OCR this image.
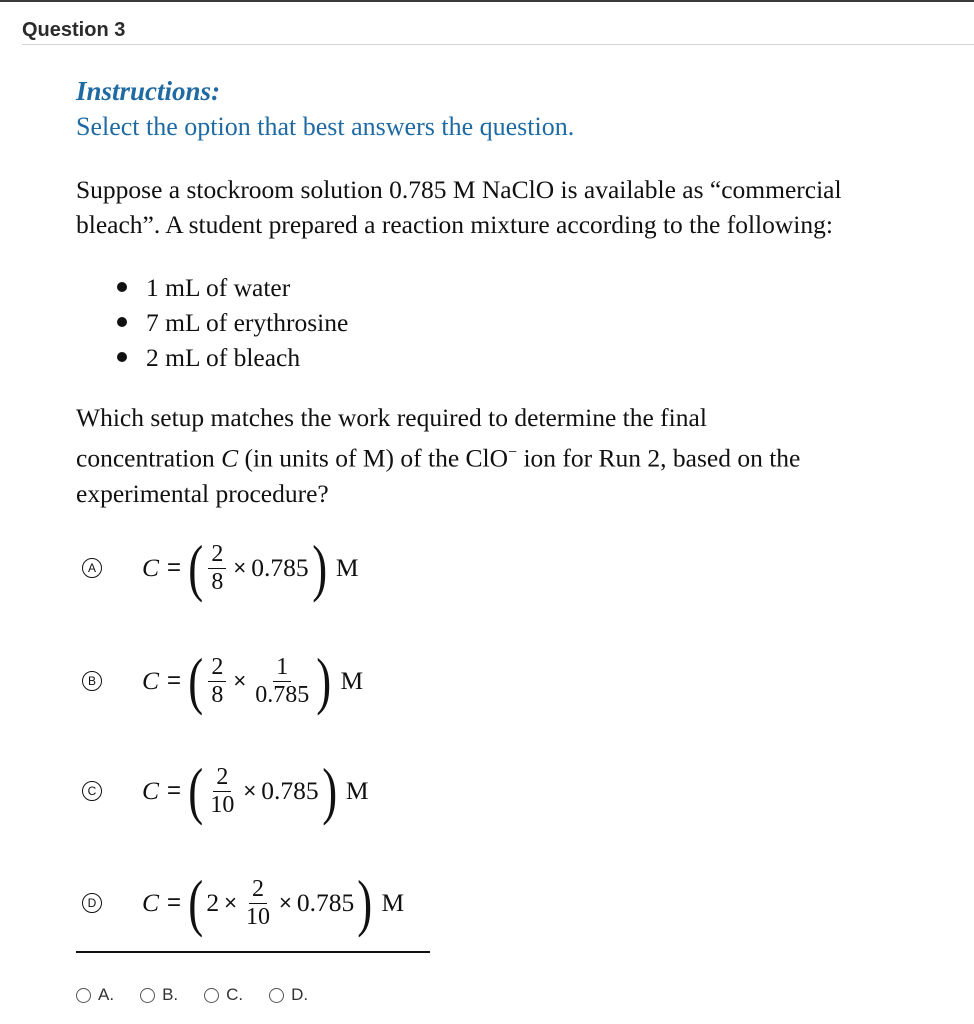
Question 3
Instructions:
Select the option that best answers the question.
Suppose a stockroom solution 0.785 M NaClO is available as “commercial
bleach”. A student prepared a reaction mixture according to the following:
1 mL of water
7 mL of erythrosine
2 mL of bleach
Which setup matches the work required to determine the final
concentration C (in units of M) of the ClO− ion for Run 2, based on the
experimental procedure?
A C = ( $\frac{2}{8} \times 0.785$ ) M
B C = ( $\frac{2}{8} \times \frac{1}{0.785}$ ) M
C C = ( $\frac{2}{10} \times 0.785$ ) M
D C = ( $2 \times \frac{2}{10} \times 0.785$ ) M
A.	B.	C.	D.
